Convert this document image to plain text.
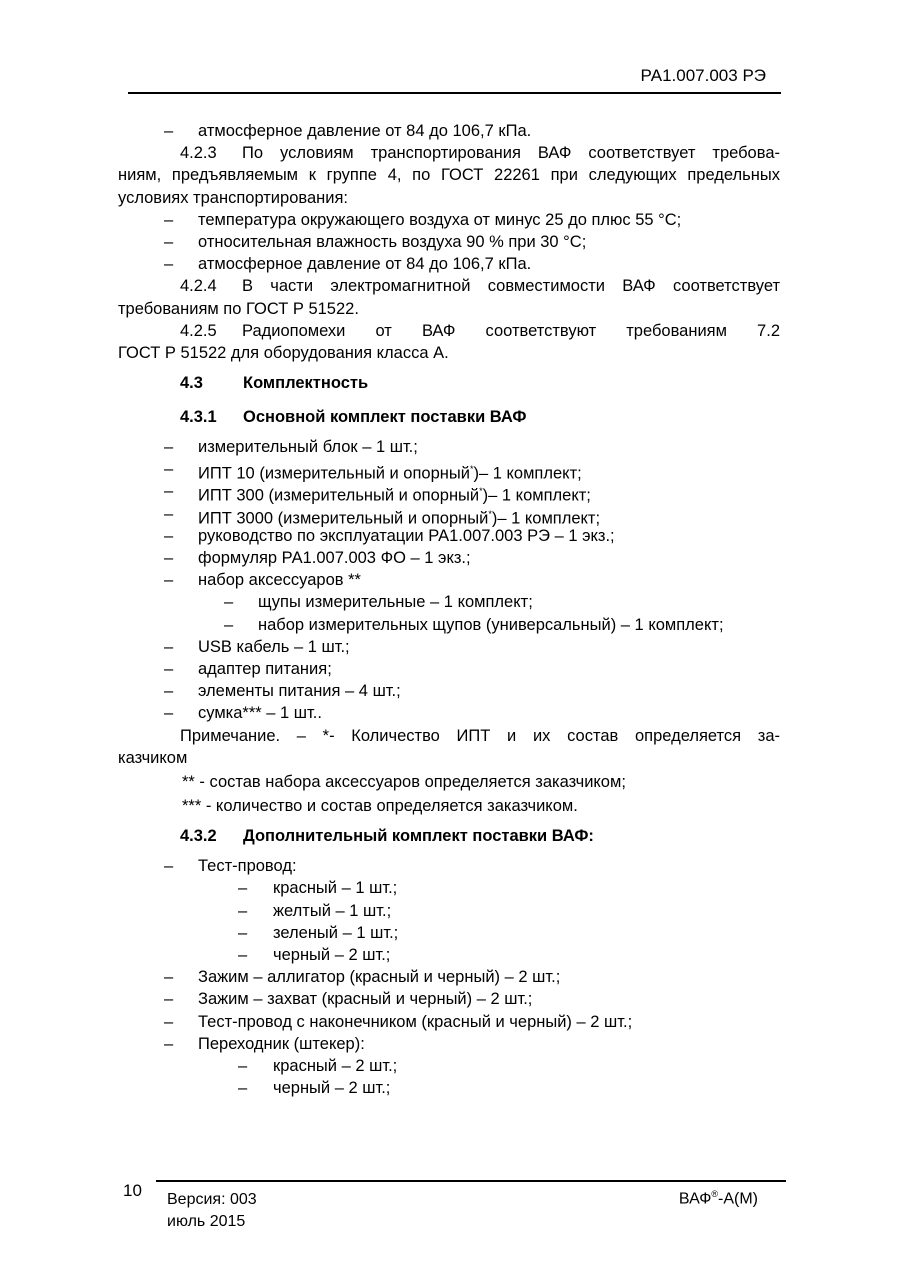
РА1.007.003 РЭ
– атмосферное давление от 84 до 106,7 кПа.
4.2.3 По условиям транспортирования ВАФ соответствует требова-
ниям, предъявляемым к группе 4, по ГОСТ 22261 при следующих предельных
условиях транспортирования:
– температура окружающего воздуха от минус 25 до плюс 55 °С;
– относительная влажность воздуха 90 % при 30 °С;
– атмосферное давление от 84 до 106,7 кПа.
4.2.4 В части электромагнитной совместимости ВАФ соответствует
требованиям по ГОСТ Р 51522.
4.2.5 Радиопомехи от ВАФ соответствуют требованиям 7.2
ГОСТ Р 51522 для оборудования класса А.
4.3 Комплектность
4.3.1 Основной комплект поставки ВАФ
– измерительный блок – 1 шт.;
– ИПТ 10 (измерительный и опорный*)– 1 комплект;
– ИПТ 300 (измерительный и опорный*)– 1 комплект;
– ИПТ 3000 (измерительный и опорный*)– 1 комплект;
– руководство по эксплуатации РА1.007.003 РЭ – 1 экз.;
– формуляр РА1.007.003 ФО – 1 экз.;
– набор аксессуаров **
– щупы измерительные – 1 комплект;
– набор измерительных щупов (универсальный) – 1 комплект;
– USB кабель – 1 шт.;
– адаптер питания;
– элементы питания – 4 шт.;
– сумка*** – 1 шт..
Примечание. – *- Количество ИПТ и их состав определяется за-
казчиком
** - состав набора аксессуаров определяется заказчиком;
*** - количество и состав определяется заказчиком.
4.3.2 Дополнительный комплект поставки ВАФ:
– Тест-провод:
– красный – 1 шт.;
– желтый – 1 шт.;
– зеленый – 1 шт.;
– черный – 2 шт.;
– Зажим – аллигатор (красный и черный) – 2 шт.;
– Зажим – захват (красный и черный) – 2 шт.;
– Тест-провод с наконечником (красный и черный) – 2 шт.;
– Переходник (штекер):
– красный – 2 шт.;
– черный – 2 шт.;
10 Версия: 003
июль 2015
ВАФ®-А(М)
